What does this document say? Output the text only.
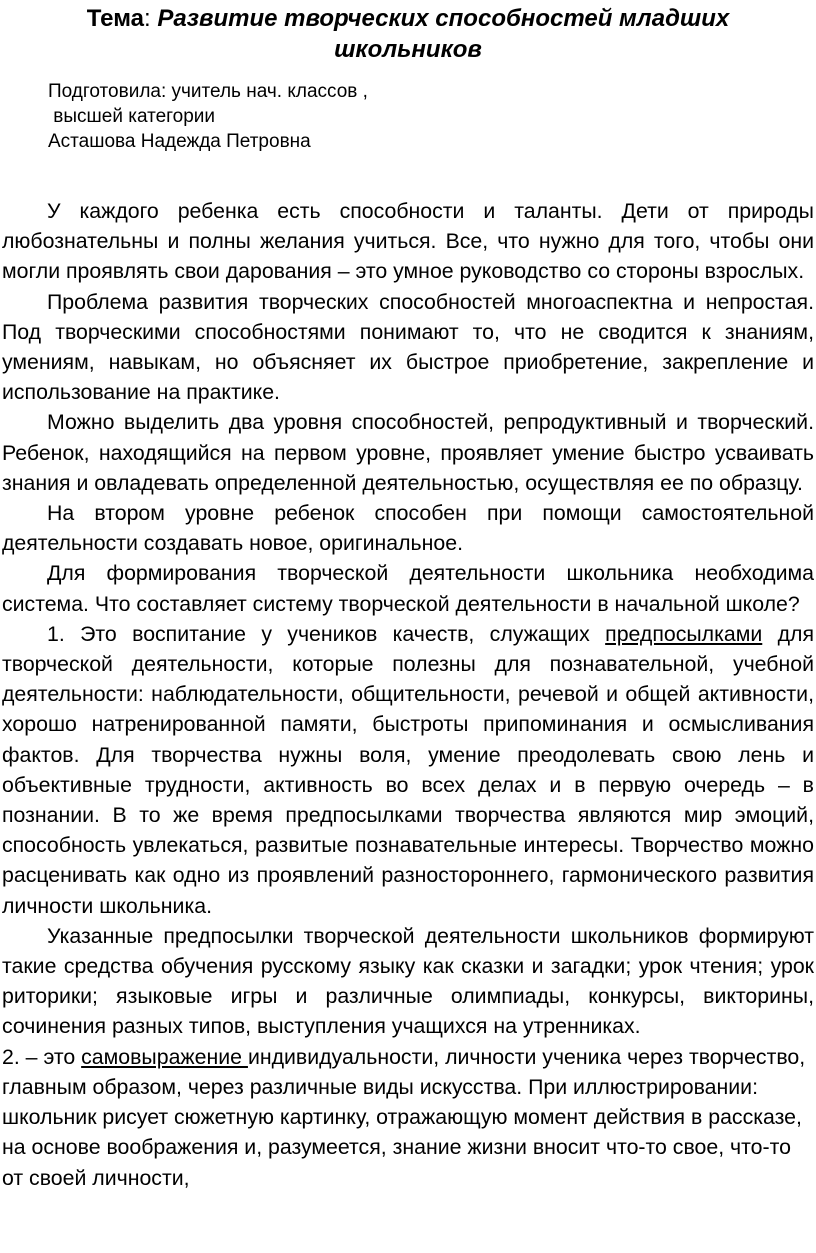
Тема: Развитие творческих способностей младших школьников
Подготовила: учитель нач. классов ,
высшей категории
Асташова Надежда Петровна

У каждого ребенка есть способности и таланты. Дети от природы любознательны и полны желания учиться. Все, что нужно для того, чтобы они могли проявлять свои дарования – это умное руководство со стороны взрослых.

Проблема развития творческих способностей многоаспектна и непростая. Под творческими способностями понимают то, что не сводится к знаниям, умениям, навыкам, но объясняет их быстрое приобретение, закрепление и использование на практике.

Можно выделить два уровня способностей, репродуктивный и творческий. Ребенок, находящийся на первом уровне, проявляет умение быстро усваивать знания и овладевать определенной деятельностью, осуществляя ее по образцу.

На втором уровне ребенок способен при помощи самостоятельной деятельности создавать новое, оригинальное.

Для формирования творческой деятельности школьника необходима система. Что составляет систему творческой деятельности в начальной школе?

1. Это воспитание у учеников качеств, служащих предпосылками для творческой деятельности, которые полезны для познавательной, учебной деятельности: наблюдательности, общительности, речевой и общей активности, хорошо натренированной памяти, быстроты припоминания и осмысливания фактов. Для творчества нужны воля, умение преодолевать свою лень и объективные трудности, активность во всех делах и в первую очередь – в познании. В то же время предпосылками творчества являются мир эмоций, способность увлекаться, развитые познавательные интересы. Творчество можно расценивать как одно из проявлений разностороннего, гармонического развития личности школьника.

Указанные предпосылки творческой деятельности школьников формируют такие средства обучения русскому языку как сказки и загадки; урок чтения; урок риторики; языковые игры и различные олимпиады, конкурсы, викторины, сочинения разных типов, выступления учащихся на утренниках.

2. – это самовыражение индивидуальности, личности ученика через творчество, главным образом, через различные виды искусства. При иллюстрировании: школьник рисует сюжетную картинку, отражающую момент действия в рассказе, на основе воображения и, разумеется, знание жизни вносит что-то свое, что-то от своей личности,
